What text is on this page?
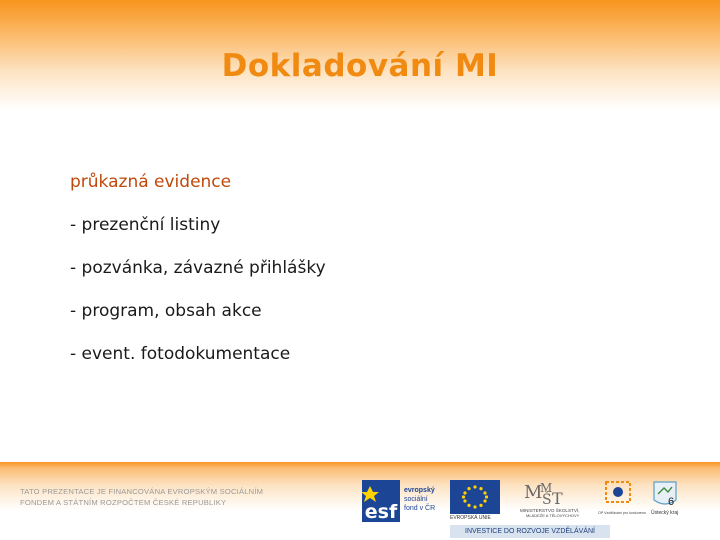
Dokladování MI
průkazná evidence
- prezenční listiny
- pozvánka, závazné přihlášky
- program, obsah akce
- event. fotodokumentace
TATO PREZENTACE JE FINANCOVÁNA EVROPSKÝM SOCIÁLNÍM
FONDEM A STÁTNÍM ROZPOČTEM ČESKÉ REPUBLIKY	esf
evropský
sociální
fond v ČR
EVROPSKÁ UNIE
M Š
M
T
MINISTERSTVO ŠKOLSTVÍ,
MLÁDEŽE A TĚLOVÝCHOVY	OP Vzdělávání pro konkurenc	Ústecký kraj
6
INVESTICE DO ROZVOJE VZDĚLÁVÁNÍ
